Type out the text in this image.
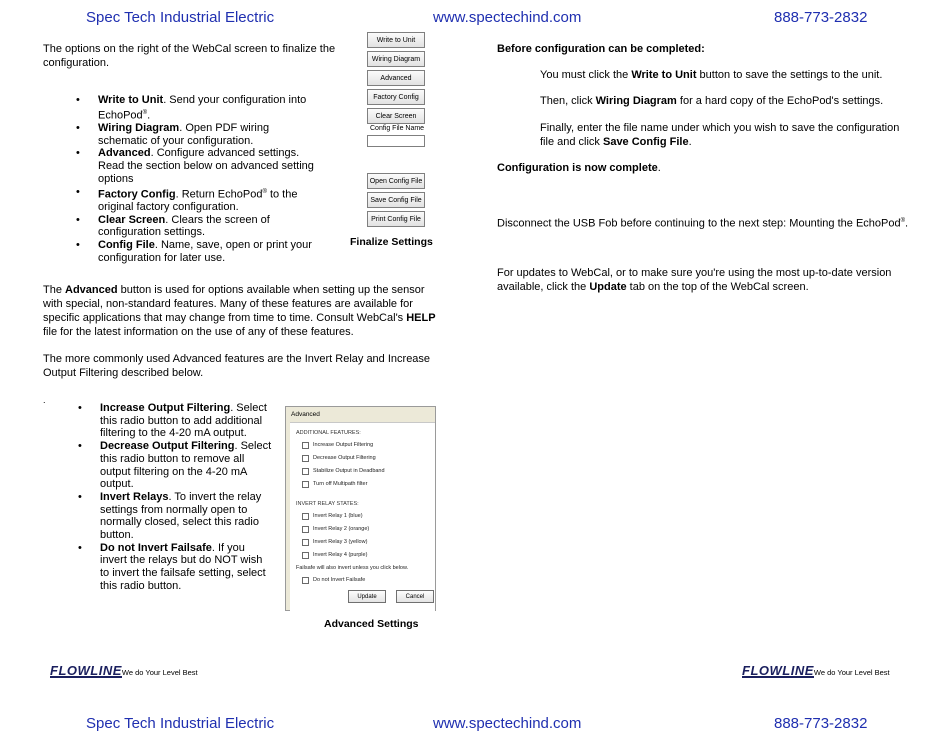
Spec Tech Industrial Electric	www.spectechind.com	888-773-2832

The options on the right of the WebCal screen to finalize the configuration.

• Write to Unit. Send your configuration into EchoPod®.
• Wiring Diagram. Open PDF wiring schematic of your configuration.
• Advanced. Configure advanced settings. Read the section below on advanced setting options
• Factory Config. Return EchoPod® to the original factory configuration.
• Clear Screen. Clears the screen of configuration settings.
• Config File. Name, save, open or print your configuration for later use.
Write to Unit
Wiring Diagram
Advanced
Factory Config
Clear Screen
Config File Name
Open Config File
Save Config File
Print Config File
Finalize Settings

The Advanced button is used for options available when setting up the sensor with special, non-standard features. Many of these features are available for specific applications that may change from time to time. Consult WebCal's HELP file for the latest information on the use of any of these features.

The more commonly used Advanced features are the Invert Relay and Increase Output Filtering described below.

.
• Increase Output Filtering. Select this radio button to add additional filtering to the 4-20 mA output.
• Decrease Output Filtering. Select this radio button to remove all output filtering on the 4-20 mA output.
• Invert Relays. To invert the relay settings from normally open to normally closed, select this radio button.
• Do not Invert Failsafe. If you invert the relays but do NOT wish to invert the failsafe setting, select this radio button.
Advanced
ADDITIONAL FEATURES:
Increase Output Filtering
Decrease Output Filtering
Stabilize Output in Deadband
Turn off Multipath filter
INVERT RELAY STATES:
Invert Relay 1 (blue)
Invert Relay 2 (orange)
Invert Relay 3 (yellow)
Invert Relay 4 (purple)
Failsafe will also invert unless you click below.
Do not Invert Failsafe
Update	Cancel
Advanced Settings

Before configuration can be completed:

You must click the Write to Unit button to save the settings to the unit.

Then, click Wiring Diagram for a hard copy of the EchoPod's settings.

Finally, enter the file name under which you wish to save the configuration file and click Save Config File.

Configuration is now complete.

Disconnect the USB Fob before continuing to the next step: Mounting the EchoPod®.

For updates to WebCal, or to make sure you're using the most up-to-date version available, click the Update tab on the top of the WebCal screen.

FLOWLINEWe do Your Level Best	FLOWLINEWe do Your Level Best
Spec Tech Industrial Electric	www.spectechind.com	888-773-2832
